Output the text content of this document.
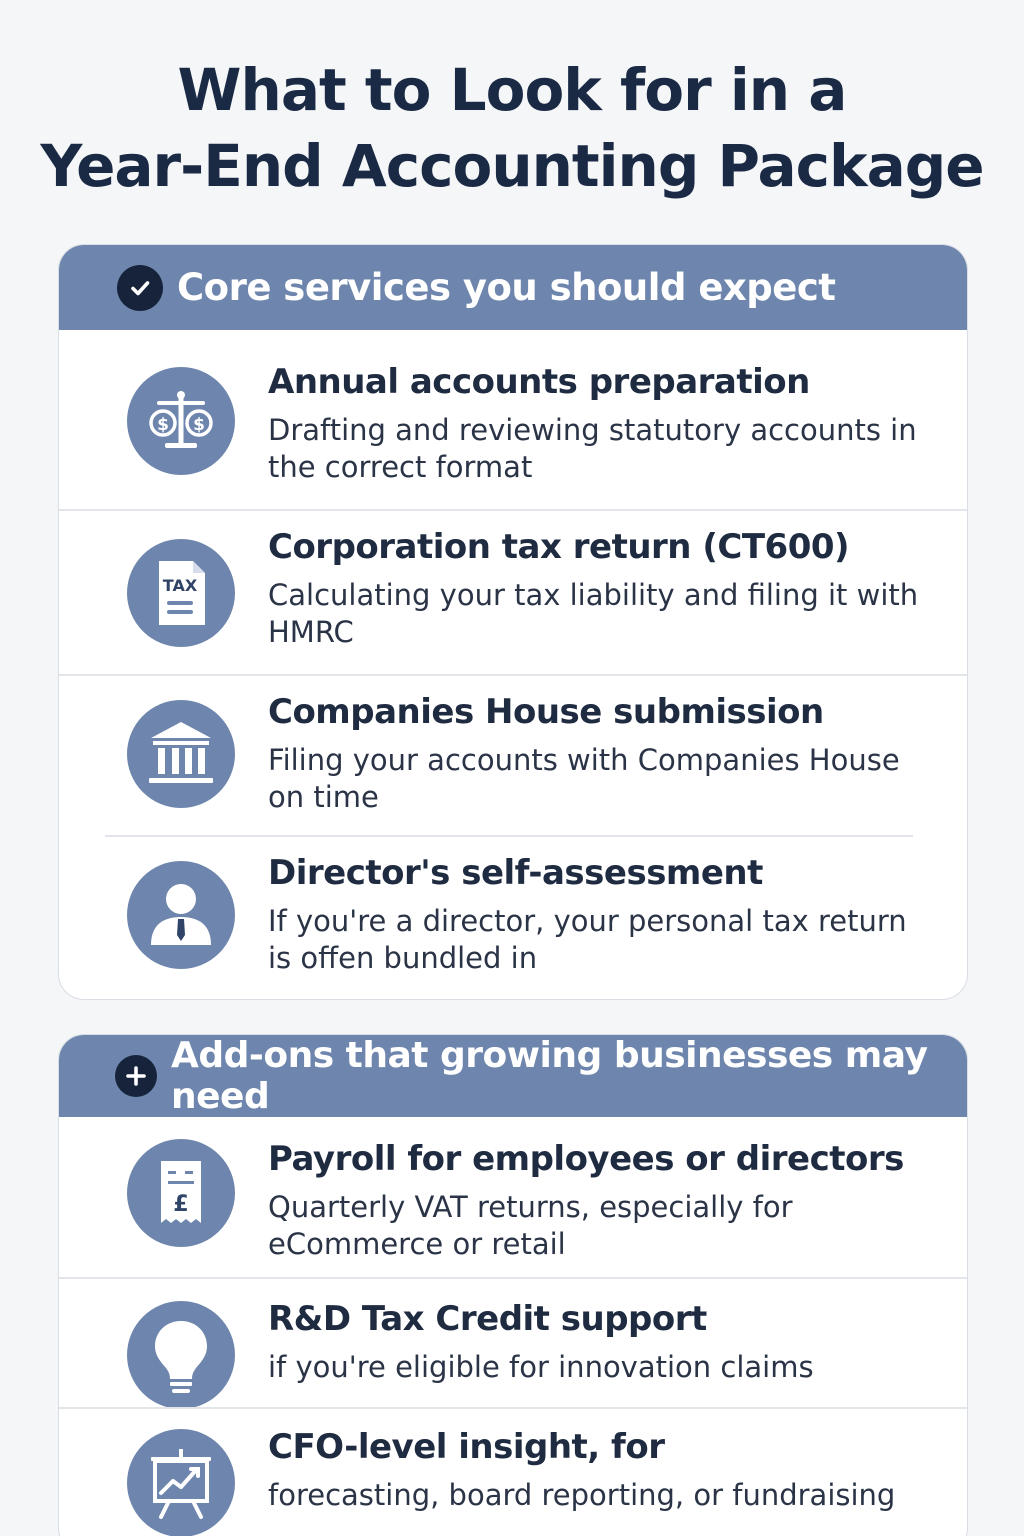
What to Look for in a
Year-End Accounting Package
Core services you should expect
$ $
Annual accounts preparation
Drafting and reviewing statutory accounts in the correct format
TAX
Corporation tax return (CT600)
Calculating your tax liability and filing it with HMRC
Companies House submission
Filing your accounts with Companies House on time
Director's self-assessment
If you're a director, your personal tax return is offen bundled in
Add-ons that growing businesses may need
£
Payroll for employees or directors
Quarterly VAT returns, especially for eCommerce or retail
R&D Tax Credit support
if you're eligible for innovation claims
CFO-level insight, for
forecasting, board reporting, or fundraising
